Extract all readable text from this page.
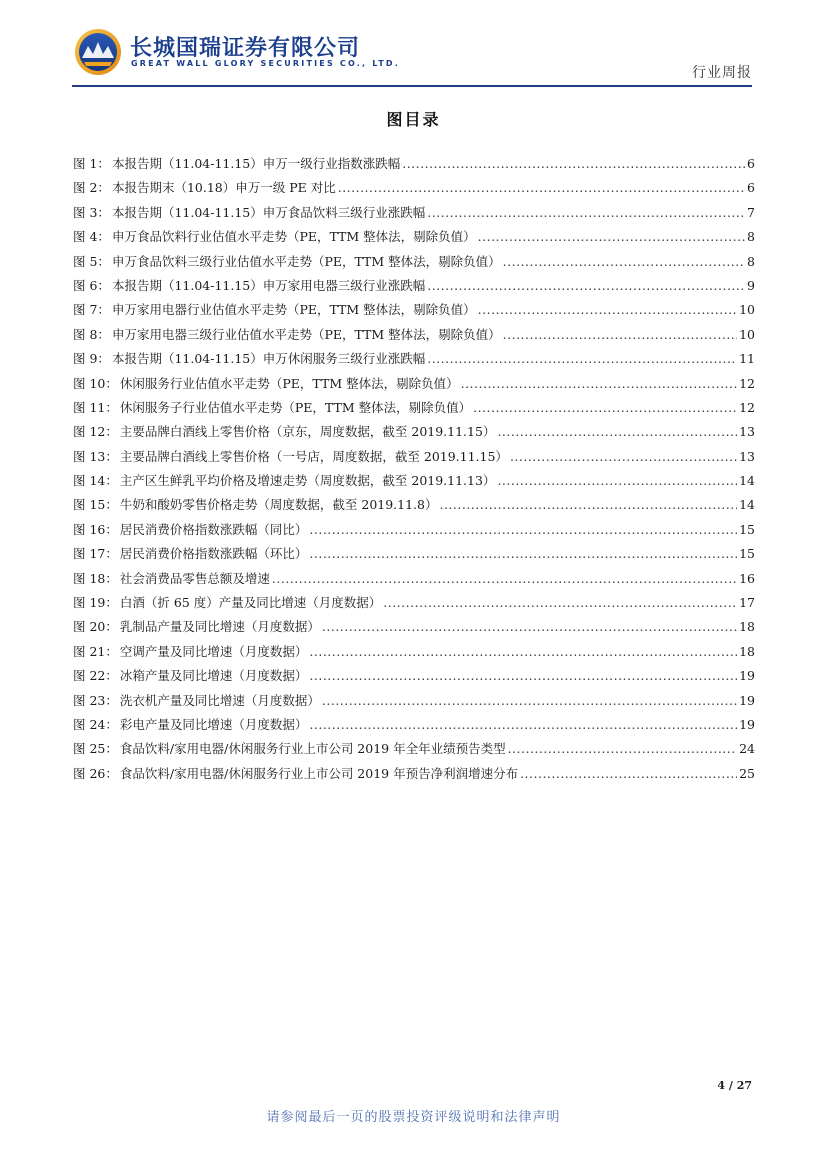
长城国瑞证券有限公司
GREAT WALL GLORY SECURITIES CO., LTD.
行业周报
图目录
图 1： 本报告期（11.04-11.15）申万一级行业指数涨跌幅 .....	6
图 2： 本报告期末（10.18）申万一级 PE 对比 .....	6
图 3： 本报告期（11.04-11.15）申万食品饮料三级行业涨跌幅 .....	7
图 4： 申万食品饮料行业估值水平走势（PE，TTM 整体法，剔除负值） .....	8
图 5： 申万食品饮料三级行业估值水平走势（PE，TTM 整体法，剔除负值） .....	8
图 6： 本报告期（11.04-11.15）申万家用电器三级行业涨跌幅 .....	9
图 7： 申万家用电器行业估值水平走势（PE，TTM 整体法，剔除负值） .....	10
图 8： 申万家用电器三级行业估值水平走势（PE，TTM 整体法，剔除负值） .....	10
图 9： 本报告期（11.04-11.15）申万休闲服务三级行业涨跌幅 .....	11
图 10： 休闲服务行业估值水平走势（PE，TTM 整体法，剔除负值） .....	12
图 11： 休闲服务子行业估值水平走势（PE，TTM 整体法，剔除负值） .....	12
图 12： 主要品牌白酒线上零售价格（京东，周度数据，截至 2019.11.15） .....	13
图 13： 主要品牌白酒线上零售价格（一号店，周度数据，截至 2019.11.15） .....	13
图 14： 主产区生鲜乳平均价格及增速走势（周度数据，截至 2019.11.13） .....	14
图 15： 牛奶和酸奶零售价格走势（周度数据，截至 2019.11.8） .....	14
图 16： 居民消费价格指数涨跌幅（同比） .....	15
图 17： 居民消费价格指数涨跌幅（环比） .....	15
图 18： 社会消费品零售总额及增速 .....	16
图 19： 白酒（折 65 度）产量及同比增速（月度数据） .....	17
图 20： 乳制品产量及同比增速（月度数据） .....	18
图 21： 空调产量及同比增速（月度数据） .....	18
图 22： 冰箱产量及同比增速（月度数据） .....	19
图 23： 洗衣机产量及同比增速（月度数据） .....	19
图 24： 彩电产量及同比增速（月度数据） .....	19
图 25： 食品饮料/家用电器/休闲服务行业上市公司 2019 年全年业绩预告类型 .....	24
图 26： 食品饮料/家用电器/休闲服务行业上市公司 2019 年预告净利润增速分布 .....	25
4 / 27
请参阅最后一页的股票投资评级说明和法律声明
